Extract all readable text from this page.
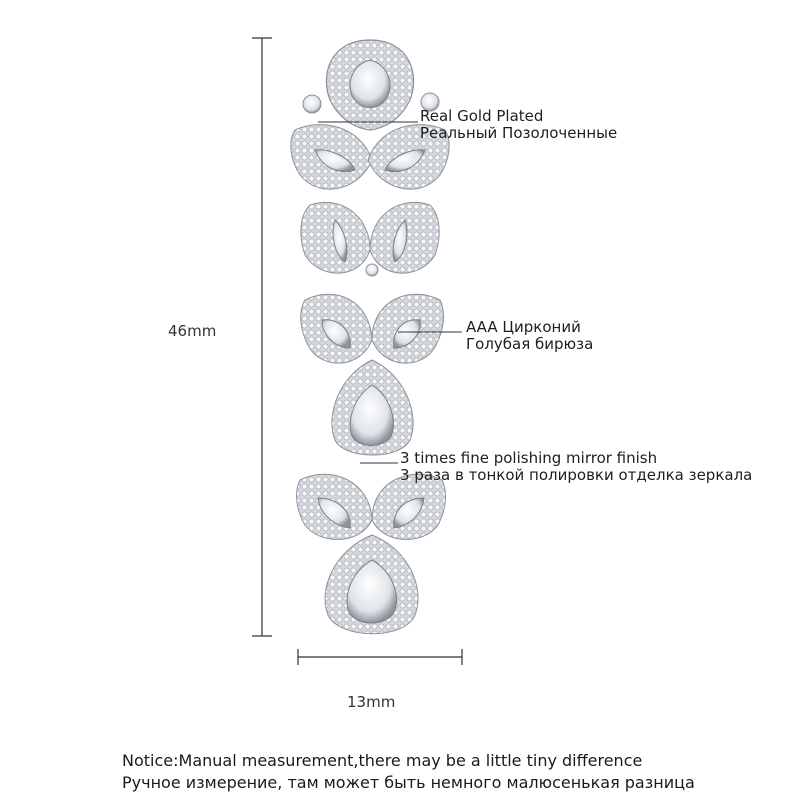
46mm
13mm
Real Gold Plated
Реальный Позолоченные
AAA Цирконий
Голубая бирюза
3 times fine polishing mirror finish
3 раза в тонкой полировки отделка зеркала
Notice:Manual measurement,there may be a little tiny difference
Ручное измерение, там может быть немного малюсенькая разница
